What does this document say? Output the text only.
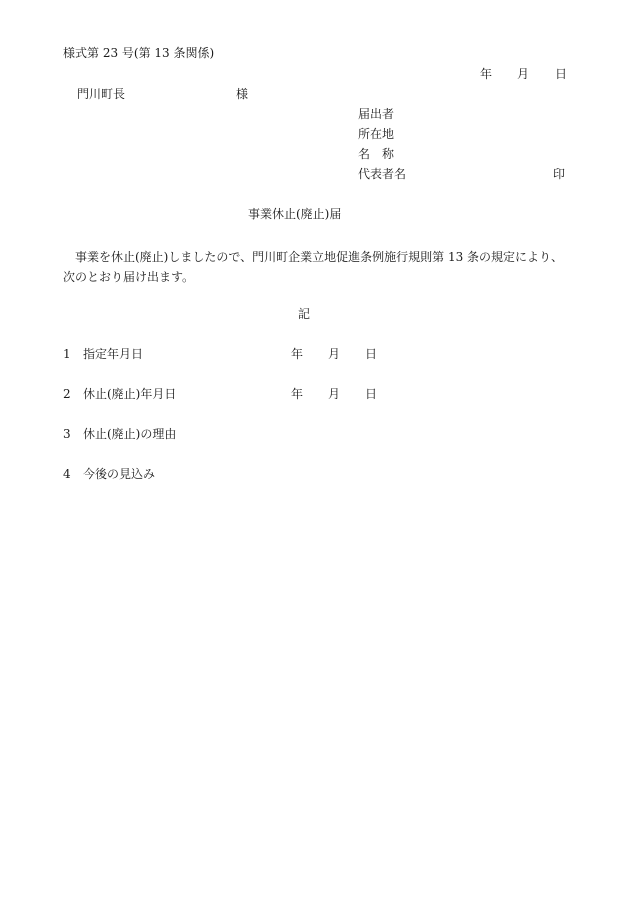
様式第 23 号(第 13 条関係)
年 月 日
門川町長	様
届出者
所在地
名　称
代表者名	印
事業休止(廃止)届
事業を休止(廃止)しましたので、門川町企業立地促進条例施行規則第 13 条の規定により、次のとおり届け出ます。
記
1 指定年月日	年 月 日
2 休止(廃止)年月日	年 月 日
3 休止(廃止)の理由
4 今後の見込み
